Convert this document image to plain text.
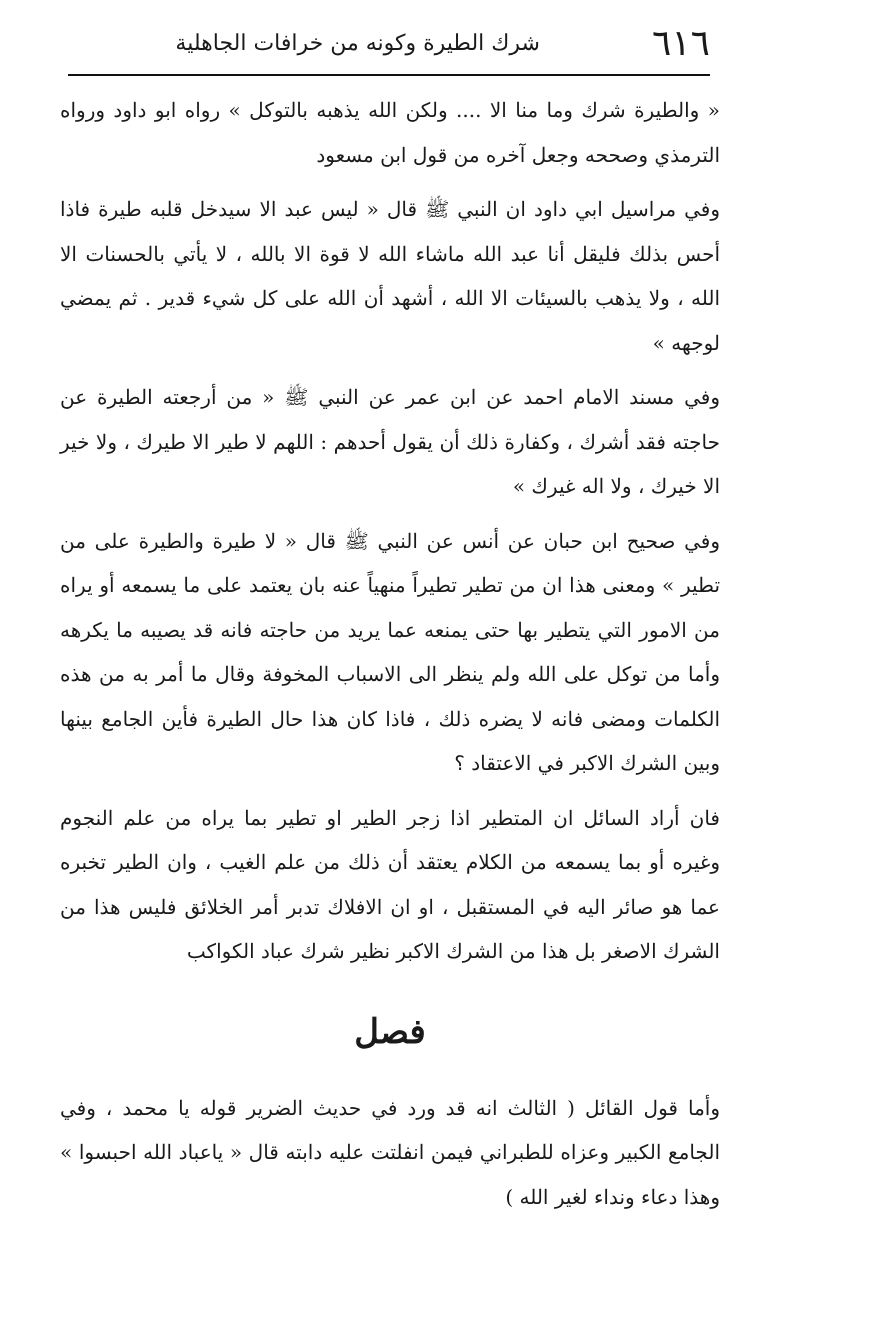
٦١٦
شرك الطيرة وكونه من خرافات الجاهلية

« والطيرة شرك وما منا الا .... ولكن الله يذهبه بالتوكل » رواه ابو داود ورواه الترمذي وصححه وجعل آخره من قول ابن مسعود

وفي مراسيل ابي داود ان النبي ﷺ قال « ليس عبد الا سيدخل قلبه طيرة فاذا أحس بذلك فليقل أنا عبد الله ماشاء الله لا قوة الا بالله ، لا يأتي بالحسنات الا الله ، ولا يذهب بالسيئات الا الله ، أشهد أن الله على كل شيء قدير . ثم يمضي لوجهه »

وفي مسند الامام احمد عن ابن عمر عن النبي ﷺ « من أرجعته الطيرة عن حاجته فقد أشرك ، وكفارة ذلك أن يقول أحدهم : اللهم لا طير الا طيرك ، ولا خير الا خيرك ، ولا اله غيرك »

وفي صحيح ابن حبان عن أنس عن النبي ﷺ قال « لا طيرة والطيرة على من تطير » ومعنى هذا ان من تطير تطيراً منهياً عنه بان يعتمد على ما يسمعه أو يراه من الامور التي يتطير بها حتى يمنعه عما يريد من حاجته فانه قد يصيبه ما يكرهه وأما من توكل على الله ولم ينظر الى الاسباب المخوفة وقال ما أمر به من هذه الكلمات ومضى فانه لا يضره ذلك ، فاذا كان هذا حال الطيرة فأين الجامع بينها وبين الشرك الاكبر في الاعتقاد ؟

فان أراد السائل ان المتطير اذا زجر الطير او تطير بما يراه من علم النجوم وغيره أو بما يسمعه من الكلام يعتقد أن ذلك من علم الغيب ، وان الطير تخبره عما هو صائر اليه في المستقبل ، او ان الافلاك تدبر أمر الخلائق فليس هذا من الشرك الاصغر بل هذا من الشرك الاكبر نظير شرك عباد الكواكب

فصل

وأما قول القائل ( الثالث انه قد ورد في حديث الضرير قوله يا محمد ، وفي الجامع الكبير وعزاه للطبراني فيمن انفلتت عليه دابته قال « ياعباد الله احبسوا » وهذا دعاء ونداء لغير الله )
